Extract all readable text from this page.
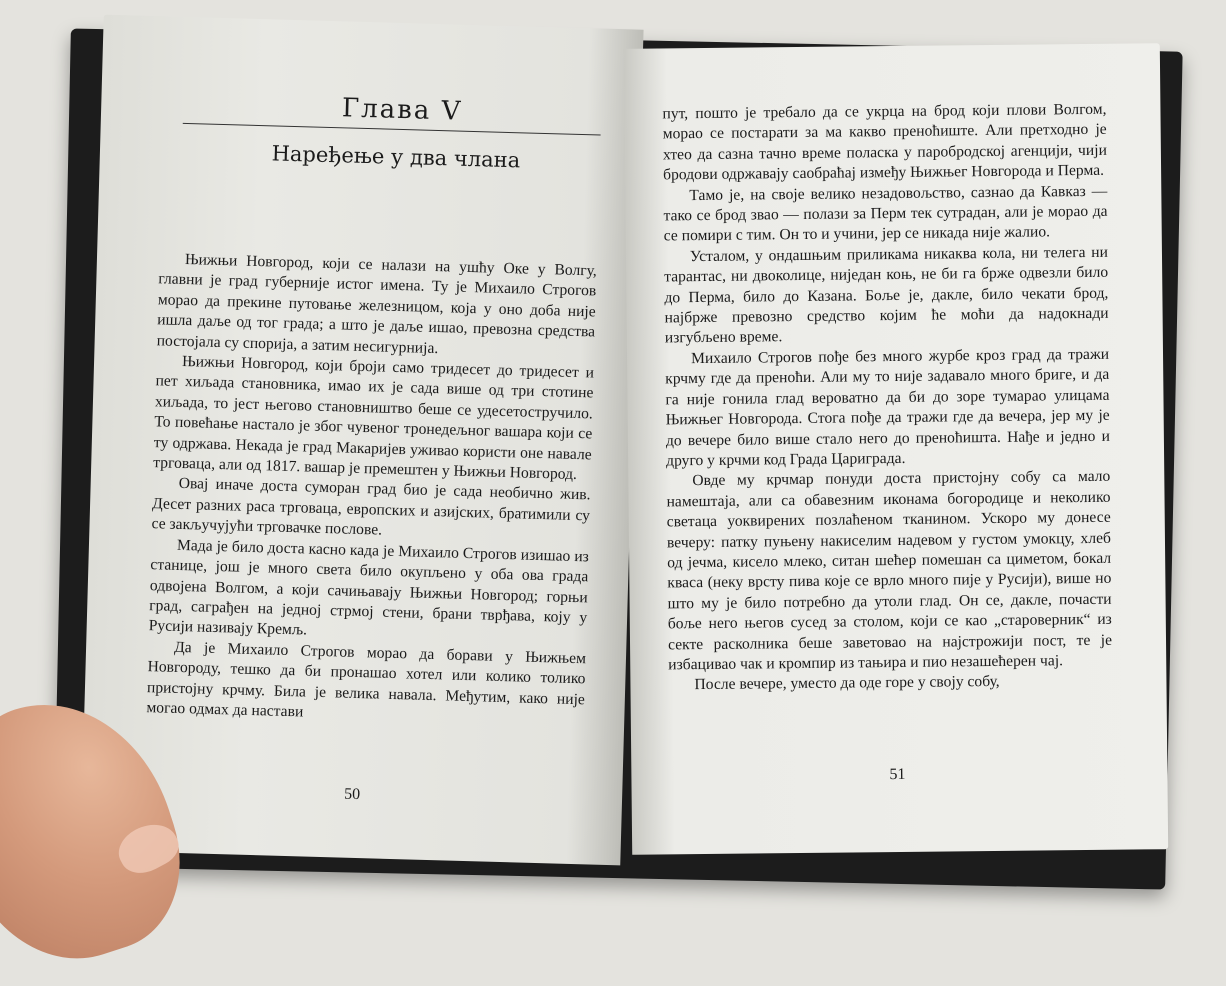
Глава V
Наређење у два члана

Њижњи Новгород, који се налази на ушћу Оке у Волгу, главни је град губерније истог имена. Ту је Михаило Строгов морао да прекине путовање железницом, која у оно доба није ишла даље од тог града; а што је даље ишао, превозна средства постојала су спорија, а затим несигурнија.

Њижњи Новгород, који броји само тридесет до тридесет и пет хиљада становника, имао их је сада више од три стотине хиљада, то јест његово становништво беше се удесетостручило. То повећање настало је због чувеног тронедељног вашара који се ту одржава. Некада је град Макаријев уживао користи оне навале трговаца, али од 1817. вашар је премештен у Њижњи Новгород.

Овај иначе доста суморан град био је сада необично жив. Десет разних раса трговаца, европских и азијских, братимили су се закључујући трговачке послове.

Мада је било доста касно када је Михаило Строгов изишао из станице, још је много света било окупљено у оба ова града одвојена Волгом, а који сачињавају Њижњи Новгород; горњи град, саграђен на једној стрмој стени, брани тврђава, коју у Русији називају Кремљ.

Да је Михаило Строгов морао да борави у Њижњем Новгороду, тешко да би пронашао хотел или колико толико пристојну крчму. Била је велика навала. Међутим, како није могао одмах да настави

50

пут, пошто је требало да се укрца на брод који плови Волгом, морао се постарати за ма какво преноћиште. Али претходно је хтео да сазна тачно време поласка у паробродској агенцији, чији бродови одржавају саобраћај између Њижњег Новгорода и Перма.

Тамо је, на своје велико незадовољство, сазнао да Кавказ — тако се брод звао — полази за Перм тек сутрадан, али је морао да се помири с тим. Он то и учини, јер се никада није жалио.

Усталом, у ондашњим приликама никаква кола, ни телега ни тарантас, ни двоколице, ниједан коњ, не би га брже одвезли било до Перма, било до Казана. Боље је, дакле, било чекати брод, најбрже превозно средство којим ће моћи да надокнади изгубљено време.

Михаило Строгов пође без много журбе кроз град да тражи крчму где да преноћи. Али му то није задавало много бриге, и да га није гонила глад вероватно да би до зоре тумарао улицама Њижњег Новгорода. Стога пође да тражи где да вечера, јер му је до вечере било више стало него до преноћишта. Нађе и једно и друго у крчми код Града Цариграда.

Овде му крчмар понуди доста пристојну собу са мало намештаја, али са обавезним иконама богородице и неколико светаца уоквирених позлаћеном тканином. Ускоро му донесе вечеру: патку пуњену накиселим надевом у густом умокцу, хлеб од јечма, кисело млеко, ситан шећер помешан са циметом, бокал кваса (неку врсту пива које се врло много пије у Русији), више но што му је било потребно да утоли глад. Он се, дакле, почасти боље него његов сусед за столом, који се као „староверник“ из секте расколника беше заветовао на најстрожији пост, те је избацивао чак и кромпир из тањира и пио незашећерен чај.

После вечере, уместо да оде горе у своју собу,

51
